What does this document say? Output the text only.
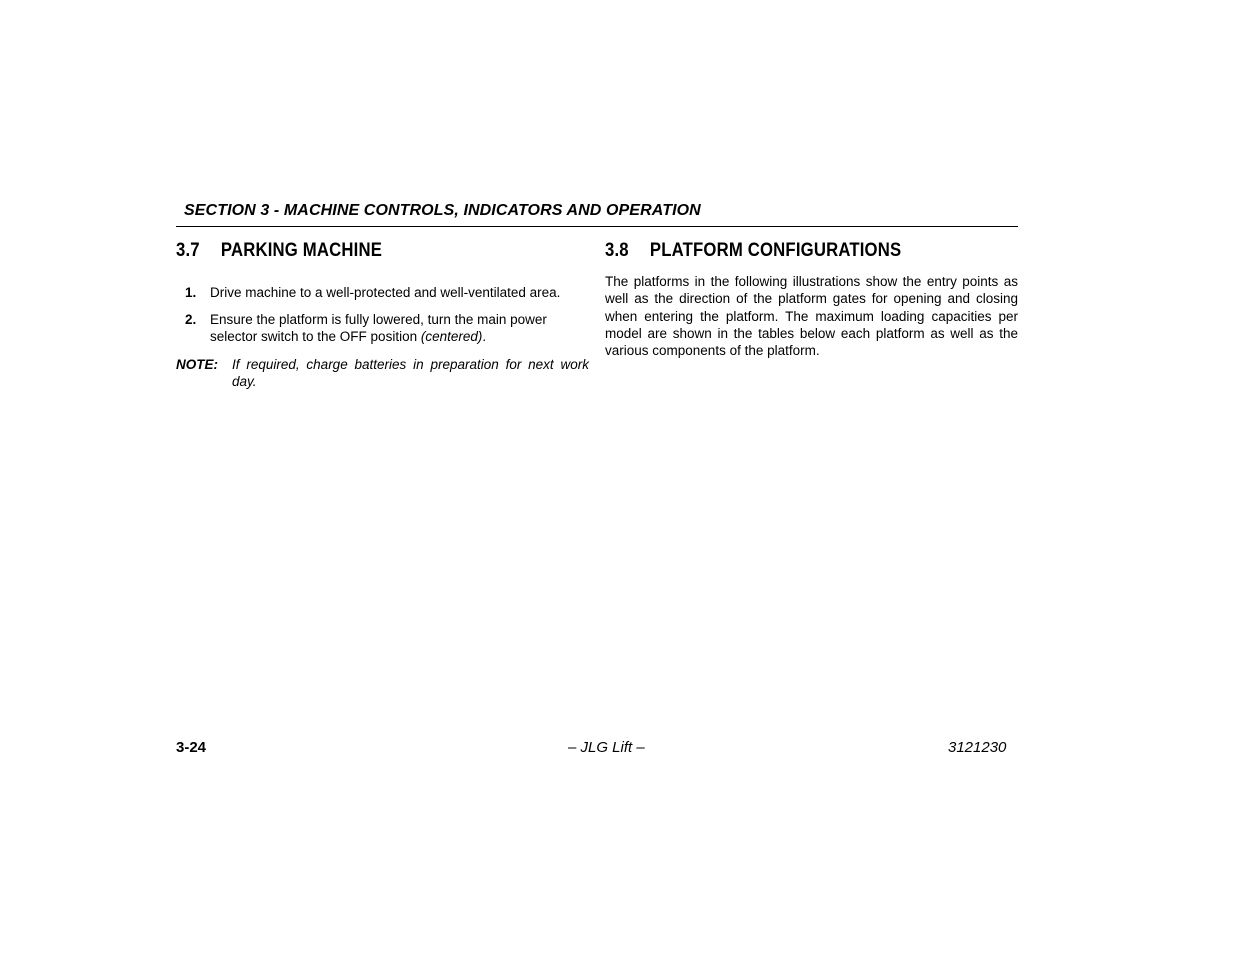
SECTION 3 - MACHINE CONTROLS, INDICATORS AND OPERATION
3.7 PARKING MACHINE
1. Drive machine to a well-protected and well-ventilated area.
2. Ensure the platform is fully lowered, turn the main power selector switch to the OFF position (centered).
NOTE: If required, charge batteries in preparation for next work day.
3.8 PLATFORM CONFIGURATIONS
The platforms in the following illustrations show the entry points as well as the direction of the platform gates for opening and closing when entering the platform. The maximum loading capacities per model are shown in the tables below each platform as well as the various components of the platform.
3-24	– JLG Lift –	3121230
